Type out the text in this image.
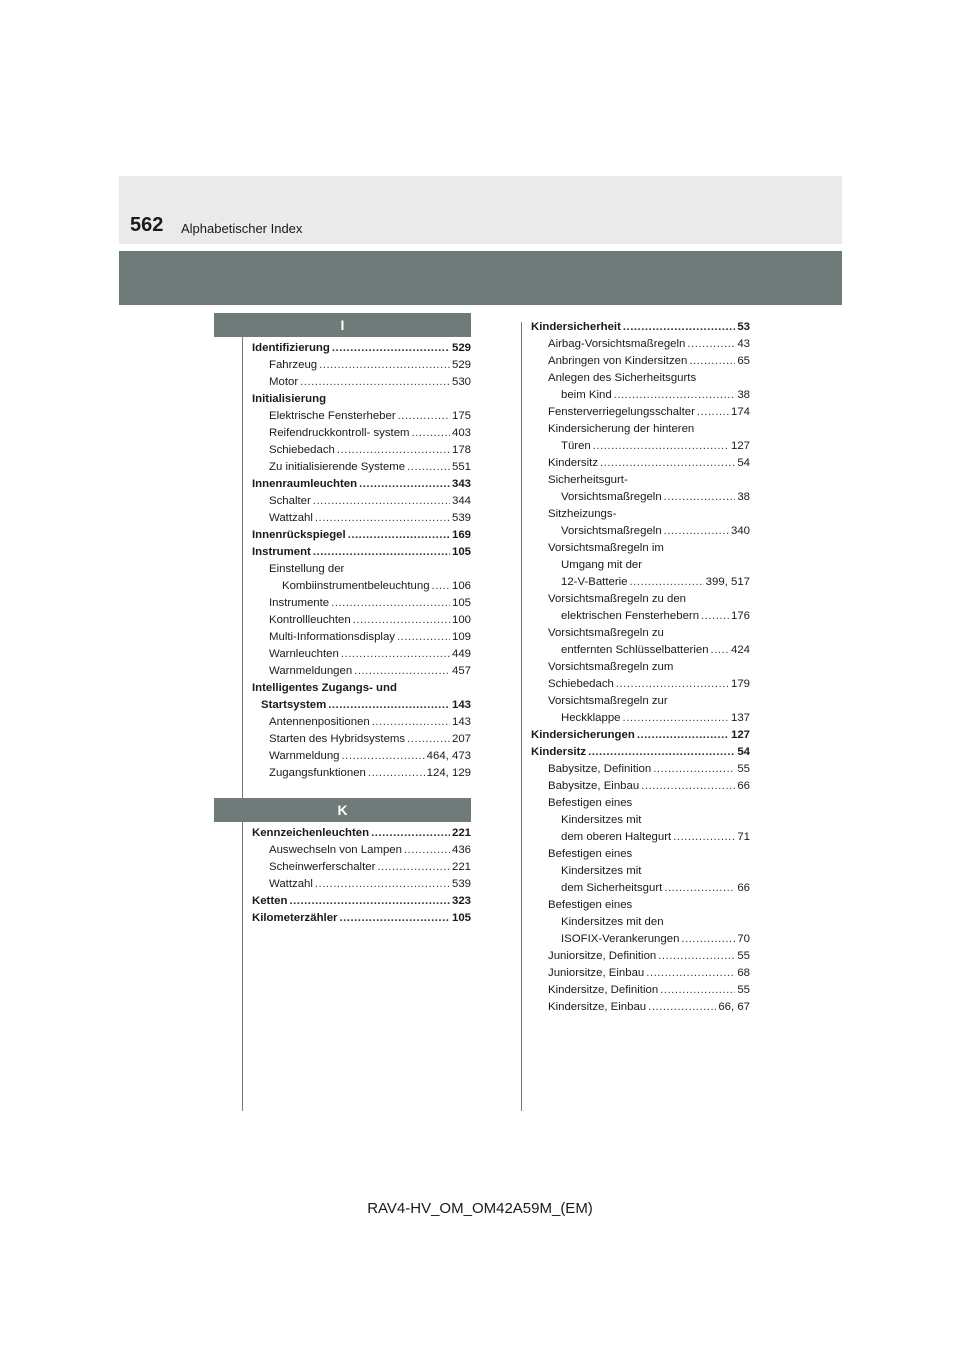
562 Alphabetischer Index
I
Identifizierung .....	529
Fahrzeug .....	529
Motor .....	530
Initialisierung
Elektrische Fensterheber .....	175
Reifendruckkontroll- system .....	403
Schiebedach .....	178
Zu initialisierende Systeme .....	551
Innenraumleuchten .....	343
Schalter .....	344
Wattzahl .....	539
Innenrückspiegel .....	169
Instrument .....	105
Einstellung der
Kombiinstrumentbeleuchtung ..... 106
Instrumente .....	105
Kontrollleuchten .....	100
Multi-Informationsdisplay .....	109
Warnleuchten .....	449
Warnmeldungen .....	457
Intelligentes Zugangs- und
Startsystem .....	143
Antennenpositionen .....	143
Starten des Hybridsystems .....	207
Warnmeldung .....	464, 473
Zugangsfunktionen .....	124, 129
K
Kennzeichenleuchten .....	221
Auswechseln von Lampen .....	436
Scheinwerferschalter .....	221
Wattzahl .....	539
Ketten .....	323
Kilometerzähler .....	105
Kindersicherheit .....	53
Airbag-Vorsichtsmaßregeln .....	43
Anbringen von Kindersitzen .....	65
Anlegen des Sicherheitsgurts
beim Kind .....	38
Fensterverriegelungsschalter .....	174
Kindersicherung der hinteren
Türen .....	127
Kindersitz .....	54
Sicherheitsgurt-
Vorsichtsmaßregeln .....	38
Sitzheizungs-
Vorsichtsmaßregeln .....	340
Vorsichtsmaßregeln im
Umgang mit der
12-V-Batterie .....	399, 517
Vorsichtsmaßregeln zu den
elektrischen Fensterhebern .....	176
Vorsichtsmaßregeln zu
entfernten Schlüsselbatterien ..... 424
Vorsichtsmaßregeln zum
Schiebedach .....	179
Vorsichtsmaßregeln zur
Heckklappe .....	137
Kindersicherungen .....	127
Kindersitz .....	54
Babysitze, Definition .....	55
Babysitze, Einbau .....	66
Befestigen eines
Kindersitzes mit
dem oberen Haltegurt .....	71
Befestigen eines
Kindersitzes mit
dem Sicherheitsgurt .....	66
Befestigen eines
Kindersitzes mit den
ISOFIX-Verankerungen .....	70
Juniorsitze, Definition .....	55
Juniorsitze, Einbau .....	68
Kindersitze, Definition .....	55
Kindersitze, Einbau .....	66, 67
RAV4-HV_OM_OM42A59M_(EM)
